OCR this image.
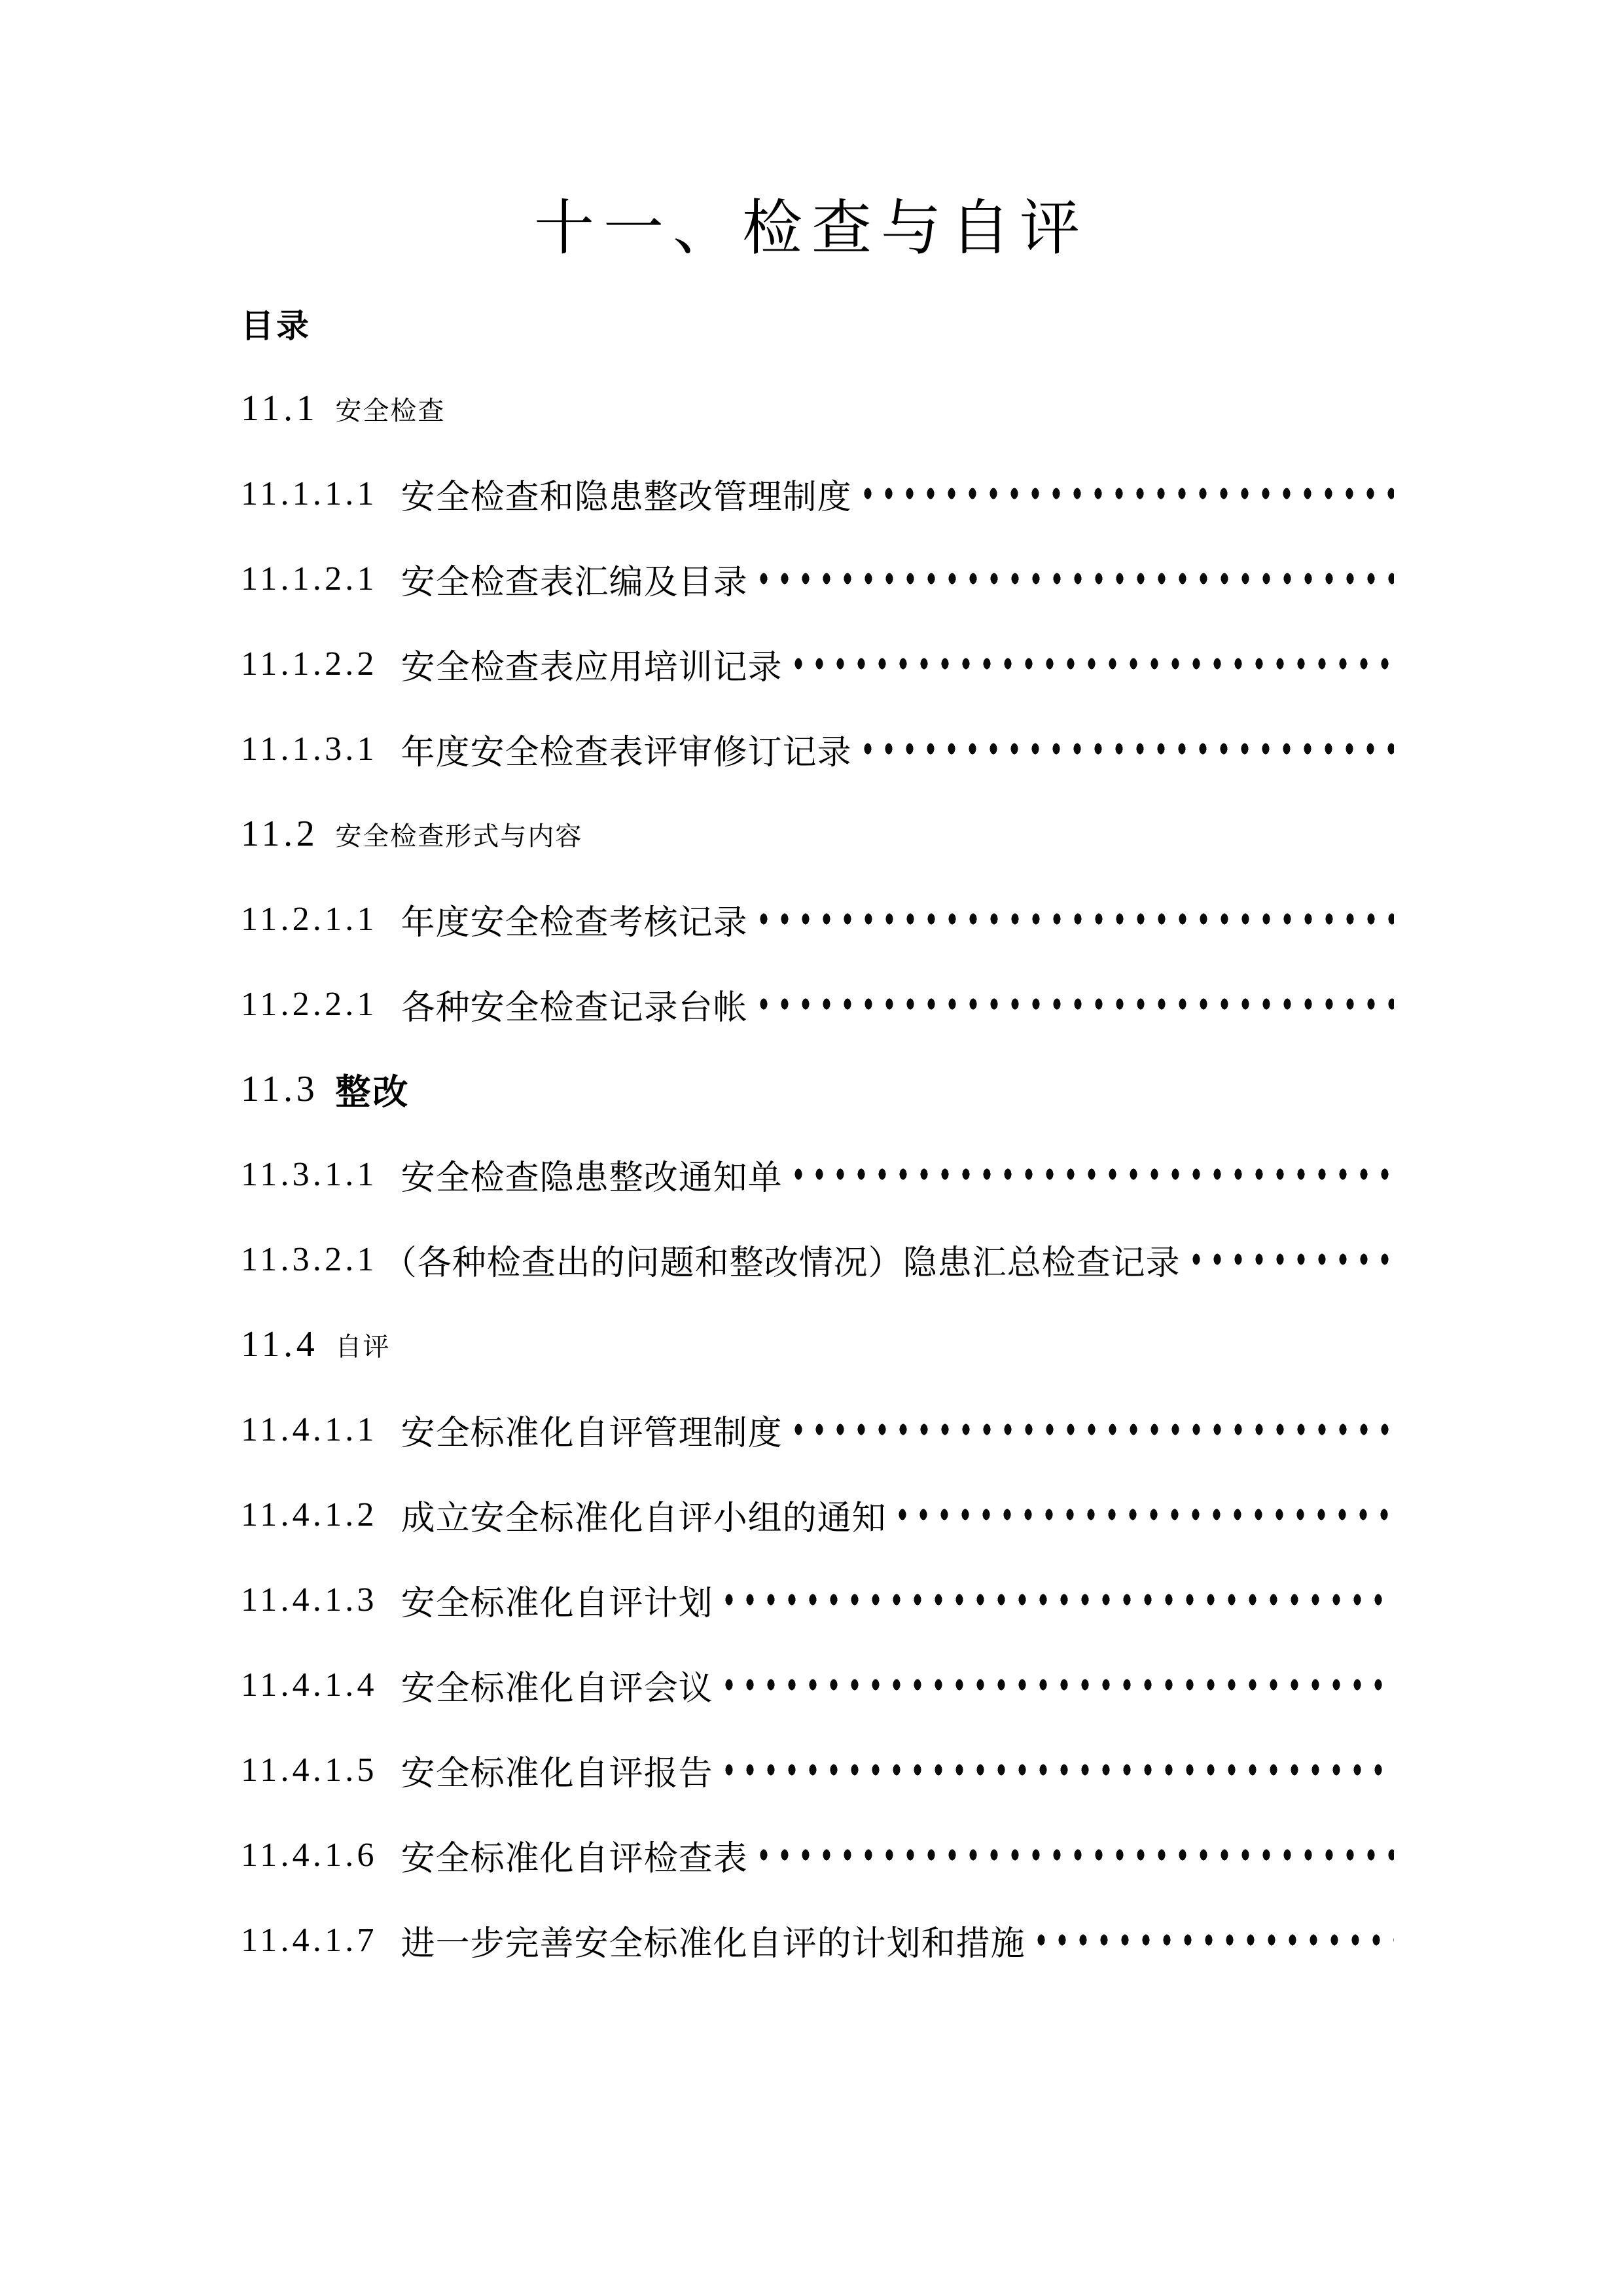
十一、检查与自评
目录
11.1 安全检查
11.1.1.1 安全检查和隐患整改管理制度
11.1.2.1 安全检查表汇编及目录
11.1.2.2 安全检查表应用培训记录
11.1.3.1 年度安全检查表评审修订记录
11.2 安全检查形式与内容
11.2.1.1 年度安全检查考核记录
11.2.2.1 各种安全检查记录台帐
11.3 整改
11.3.1.1 安全检查隐患整改通知单
11.3.2.1 （各种检查出的问题和整改情况）隐患汇总检查记录
11.4 自评
11.4.1.1 安全标准化自评管理制度
11.4.1.2 成立安全标准化自评小组的通知
11.4.1.3 安全标准化自评计划
11.4.1.4 安全标准化自评会议
11.4.1.5 安全标准化自评报告
11.4.1.6 安全标准化自评检查表
11.4.1.7 进一步完善安全标准化自评的计划和措施
